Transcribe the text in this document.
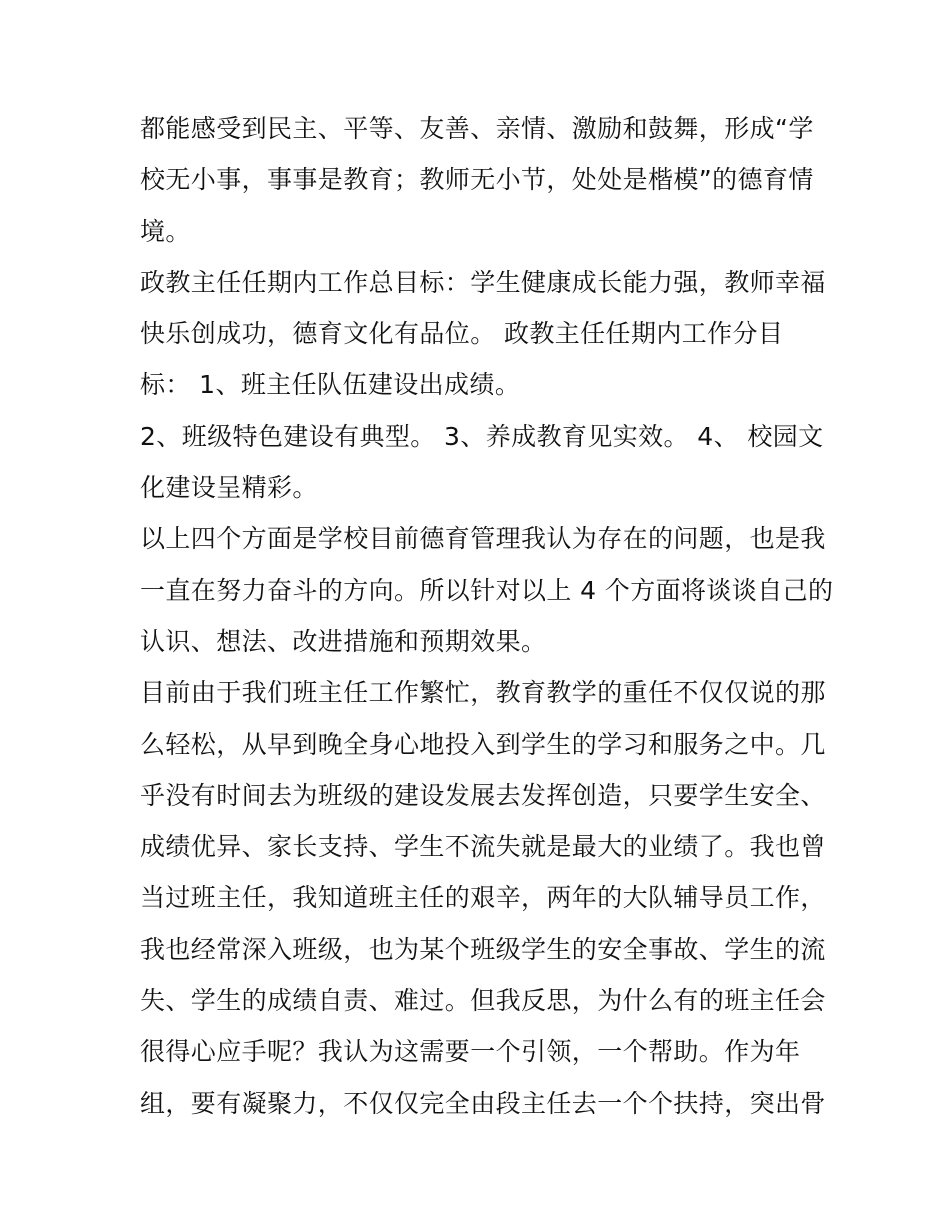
都能感受到民主、平等、友善、亲情、激励和鼓舞，形成“学
校无小事，事事是教育；教师无小节，处处是楷模”的德育情
境。
政教主任任期内工作总目标：学生健康成长能力强，教师幸福
快乐创成功，德育文化有品位。 政教主任任期内工作分目
标： 1、班主任队伍建设出成绩。
2、班级特色建设有典型。 3、养成教育见实效。 4、 校园文
化建设呈精彩。
以上四个方面是学校目前德育管理我认为存在的问题，也是我
一直在努力奋斗的方向。所以针对以上 4 个方面将谈谈自己的
认识、想法、改进措施和预期效果。
目前由于我们班主任工作繁忙，教育教学的重任不仅仅说的那
么轻松，从早到晚全身心地投入到学生的学习和服务之中。几
乎没有时间去为班级的建设发展去发挥创造，只要学生安全、
成绩优异、家长支持、学生不流失就是最大的业绩了。我也曾
当过班主任，我知道班主任的艰辛，两年的大队辅导员工作，
我也经常深入班级，也为某个班级学生的安全事故、学生的流
失、学生的成绩自责、难过。但我反思，为什么有的班主任会
很得心应手呢？我认为这需要一个引领，一个帮助。作为年
组，要有凝聚力，不仅仅完全由段主任去一个个扶持，突出骨
